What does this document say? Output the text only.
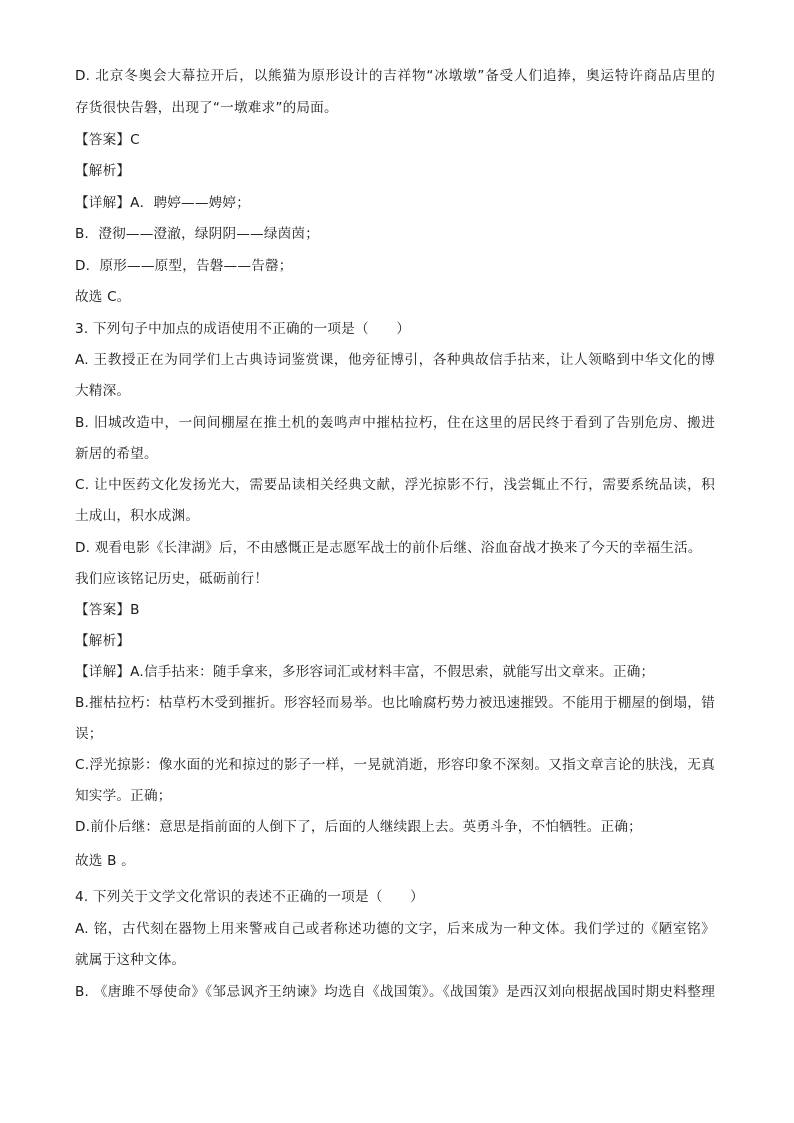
D. 北京冬奥会大幕拉开后，以熊猫为原形设计的吉祥物“冰墩墩”备受人们追捧，奥运特许商品店里的
存货很快告磐，出现了“一墩难求”的局面。
【答案】C
【解析】
【详解】A．聘婷——娉婷；
B．澄彻——澄澈，绿阴阴——绿茵茵；
D．原形——原型，告磐——告罄；
故选 C。
3. 下列句子中加点的成语使用不正确的一项是（　　）
A. 王教授正在为同学们上古典诗词鉴赏课，他旁征博引，各种典故信手拈来，让人领略到中华文化的博
大精深。
B. 旧城改造中，一间间棚屋在推土机的轰鸣声中摧枯拉朽，住在这里的居民终于看到了告别危房、搬进
新居的希望。
C. 让中医药文化发扬光大，需要品读相关经典文献，浮光掠影不行，浅尝辄止不行，需要系统品读，积
土成山，积水成渊。
D. 观看电影《长津湖》后，不由感慨正是志愿军战士的前仆后继、浴血奋战才换来了今天的幸福生活。
我们应该铭记历史，砥砺前行！
【答案】B
【解析】
【详解】A.信手拈来：随手拿来，多形容词汇或材料丰富，不假思索，就能写出文章来。正确；
B.摧枯拉朽：枯草朽木受到摧折。形容轻而易举。也比喻腐朽势力被迅速摧毁。不能用于棚屋的倒塌，错
误；
C.浮光掠影：像水面的光和掠过的影子一样，一晃就消逝，形容印象不深刻。又指文章言论的肤浅，无真
知实学。正确；
D.前仆后继：意思是指前面的人倒下了，后面的人继续跟上去。英勇斗争，不怕牺牲。正确；
故选 B 。
4. 下列关于文学文化常识的表述不正确的一项是（　　）
A. 铭，古代刻在器物上用来警戒自己或者称述功德的文字，后来成为一种文体。我们学过的《陋室铭》
就属于这种文体。
B. 《唐雎不辱使命》《邹忌讽齐王纳谏》均选自《战国策》。《战国策》是西汉刘向根据战国时期史料整理
